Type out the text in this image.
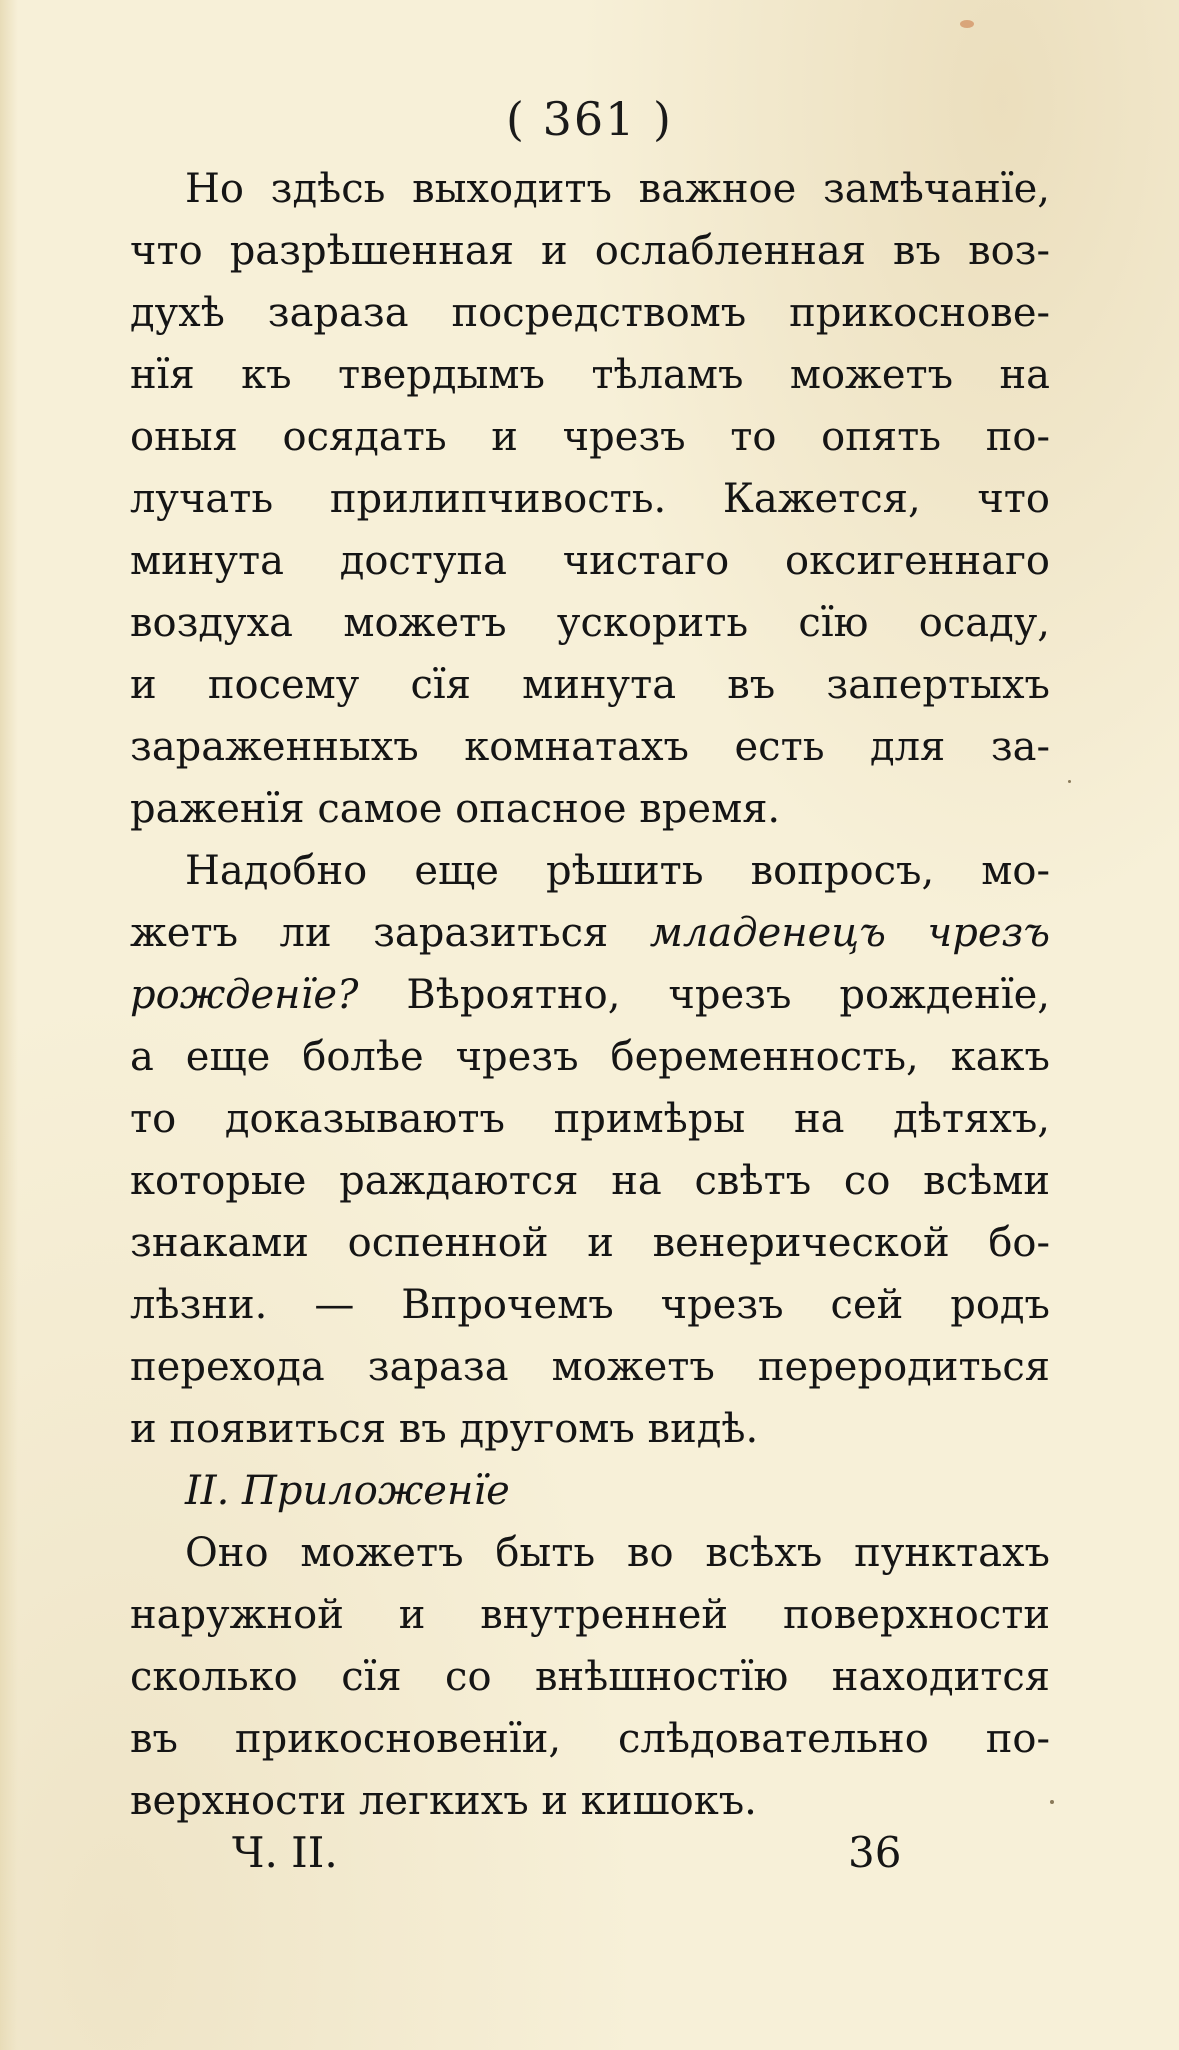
( 361 )
Но здѣсь выходитъ важное замѣчанїе,
что разрѣшенная и ослабленная въ воз-
духѣ зараза посредствомъ прикоснове-
нїя къ твердымъ тѣламъ можетъ на
оныя осядать и чрезъ то опять по-
лучать прилипчивость. Кажется, что
минута доступа чистаго оксигеннаго
воздуха можетъ ускорить сїю осаду,
и посему сїя минута въ запертыхъ
зараженныхъ комнатахъ есть для за-
раженїя самое опасное время.
Надобно еще рѣшить вопросъ, мо-
жетъ ли заразиться младенецъ чрезъ
рожденїе? Вѣроятно, чрезъ рожденїе,
а еще болѣе чрезъ беременность, какъ
то доказываютъ примѣры на дѣтяхъ,
которые раждаются на свѣтъ со всѣми
знаками оспенной и венерической бо-
лѣзни. — Впрочемъ чрезъ сей родъ
перехода зараза можетъ переродиться
и появиться въ другомъ видѣ.
II. Приложенїе
Оно можетъ быть во всѣхъ пунктахъ
наружной и внутренней поверхности
сколько сїя со внѣшностїю находится
въ прикосновенїи, слѣдовательно по-
верхности легкихъ и кишокъ.
Ч. II.	36
